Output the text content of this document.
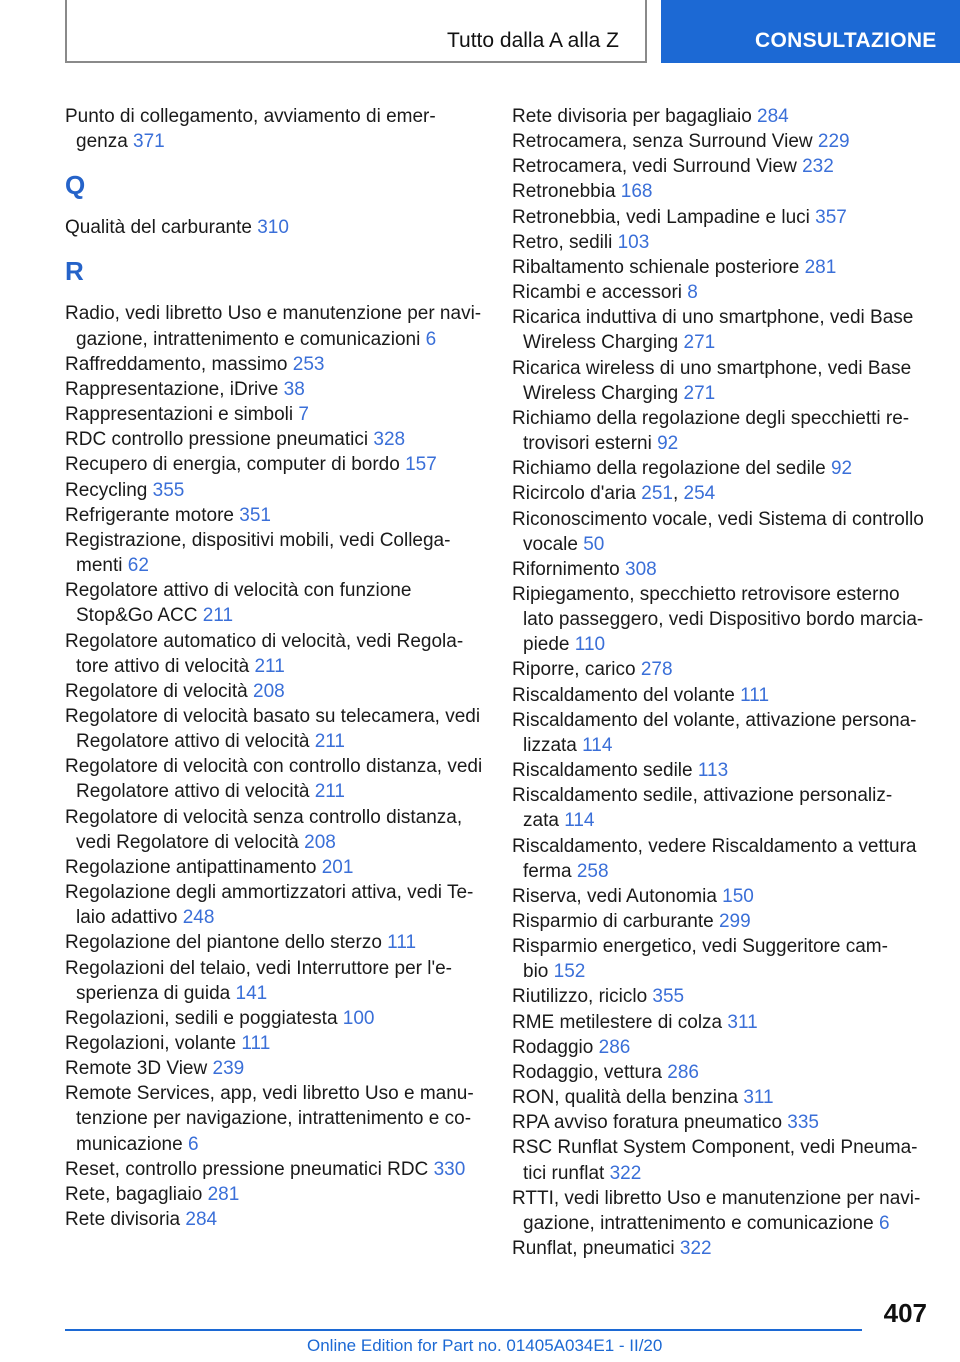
Tutto dalla A alla Z	CONSULTAZIONE
Punto di collegamento, avviamento di emer-
genza 371
Q
Qualità del carburante 310
R
Radio, vedi libretto Uso e manutenzione per navi-
gazione, intrattenimento e comunicazioni 6
Raffreddamento, massimo 253
Rappresentazione, iDrive 38
Rappresentazioni e simboli 7
RDC controllo pressione pneumatici 328
Recupero di energia, computer di bordo 157
Recycling 355
Refrigerante motore 351
Registrazione, dispositivi mobili, vedi Collega-
menti 62
Regolatore attivo di velocità con funzione
Stop&Go ACC 211
Regolatore automatico di velocità, vedi Regola-
tore attivo di velocità 211
Regolatore di velocità 208
Regolatore di velocità basato su telecamera, vedi
Regolatore attivo di velocità 211
Regolatore di velocità con controllo distanza, vedi
Regolatore attivo di velocità 211
Regolatore di velocità senza controllo distanza,
vedi Regolatore di velocità 208
Regolazione antipattinamento 201
Regolazione degli ammortizzatori attiva, vedi Te-
laio adattivo 248
Regolazione del piantone dello sterzo 111
Regolazioni del telaio, vedi Interruttore per l'e-
sperienza di guida 141
Regolazioni, sedili e poggiatesta 100
Regolazioni, volante 111
Remote 3D View 239
Remote Services, app, vedi libretto Uso e manu-
tenzione per navigazione, intrattenimento e co-
municazione 6
Reset, controllo pressione pneumatici RDC 330
Rete, bagagliaio 281
Rete divisoria 284
Rete divisoria per bagagliaio 284
Retrocamera, senza Surround View 229
Retrocamera, vedi Surround View 232
Retronebbia 168
Retronebbia, vedi Lampadine e luci 357
Retro, sedili 103
Ribaltamento schienale posteriore 281
Ricambi e accessori 8
Ricarica induttiva di uno smartphone, vedi Base
Wireless Charging 271
Ricarica wireless di uno smartphone, vedi Base
Wireless Charging 271
Richiamo della regolazione degli specchietti re-
trovisori esterni 92
Richiamo della regolazione del sedile 92
Ricircolo d'aria 251, 254
Riconoscimento vocale, vedi Sistema di controllo
vocale 50
Rifornimento 308
Ripiegamento, specchietto retrovisore esterno
lato passeggero, vedi Dispositivo bordo marcia-
piede 110
Riporre, carico 278
Riscaldamento del volante 111
Riscaldamento del volante, attivazione persona-
lizzata 114
Riscaldamento sedile 113
Riscaldamento sedile, attivazione personaliz-
zata 114
Riscaldamento, vedere Riscaldamento a vettura
ferma 258
Riserva, vedi Autonomia 150
Risparmio di carburante 299
Risparmio energetico, vedi Suggeritore cam-
bio 152
Riutilizzo, riciclo 355
RME metilestere di colza 311
Rodaggio 286
Rodaggio, vettura 286
RON, qualità della benzina 311
RPA avviso foratura pneumatico 335
RSC Runflat System Component, vedi Pneuma-
tici runflat 322
RTTI, vedi libretto Uso e manutenzione per navi-
gazione, intrattenimento e comunicazione 6
Runflat, pneumatici 322
407
Online Edition for Part no. 01405A034E1 - II/20
